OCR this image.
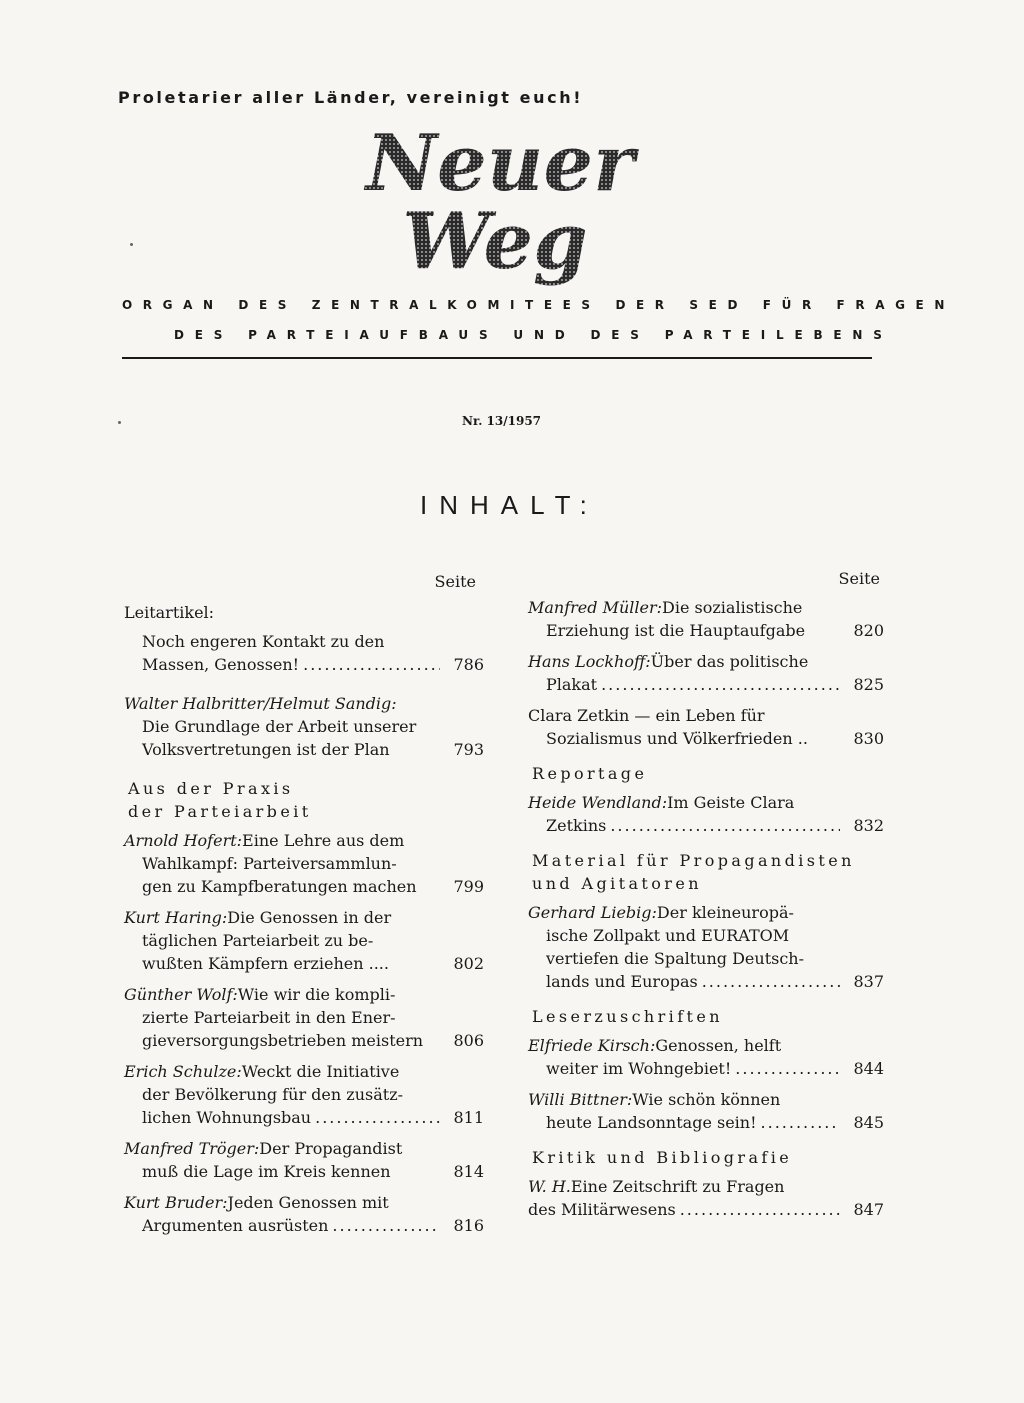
Proletarier aller Länder, vereinigt euch!
Neuer
Weg
ORGAN DES ZENTRALKOMITEES DER SED FÜR FRAGEN
DES PARTEIAUFBAUS UND DES PARTEILEBENS
Nr. 13/1957
INHALT:
Seite
Leitartikel:
Noch engeren Kontakt zu den
Massen, Genossen! .....	786
Walter Halbritter/Helmut Sandig:
Die Grundlage der Arbeit unserer
Volksvertretungen ist der Plan	793
Aus der Praxis
der Parteiarbeit
Arnold Hofert: Eine Lehre aus dem
Wahlkampf: Parteiversammlun-
gen zu Kampfberatungen machen	799
Kurt Haring: Die Genossen in der
täglichen Parteiarbeit zu be-
wußten Kämpfern erziehen ....	802
Günther Wolf: Wie wir die kompli-
zierte Parteiarbeit in den Ener-
gieversorgungsbetrieben meistern	806
Erich Schulze: Weckt die Initiative
der Bevölkerung für den zusätz-
lichen Wohnungsbau .....	811
Manfred Tröger: Der Propagandist
muß die Lage im Kreis kennen	814
Kurt Bruder: Jeden Genossen mit
Argumenten ausrüsten .....	816
Seite
Manfred Müller: Die sozialistische
Erziehung ist die Hauptaufgabe	820
Hans Lockhoff: Über das politische
Plakat .....	825
Clara Zetkin — ein Leben für
Sozialismus und Völkerfrieden ..	830
Reportage
Heide Wendland: Im Geiste Clara
Zetkins .....	832
Material für Propagandisten
und Agitatoren
Gerhard Liebig: Der kleineuropä-
ische Zollpakt und EURATOM
vertiefen die Spaltung Deutsch-
lands und Europas .....	837
Leserzuschriften
Elfriede Kirsch: Genossen, helft
weiter im Wohngebiet! .....	844
Willi Bittner: Wie schön können
heute Landsonntage sein! .....	845
Kritik und Bibliografie
W. H. Eine Zeitschrift zu Fragen
des Militärwesens .....	847
